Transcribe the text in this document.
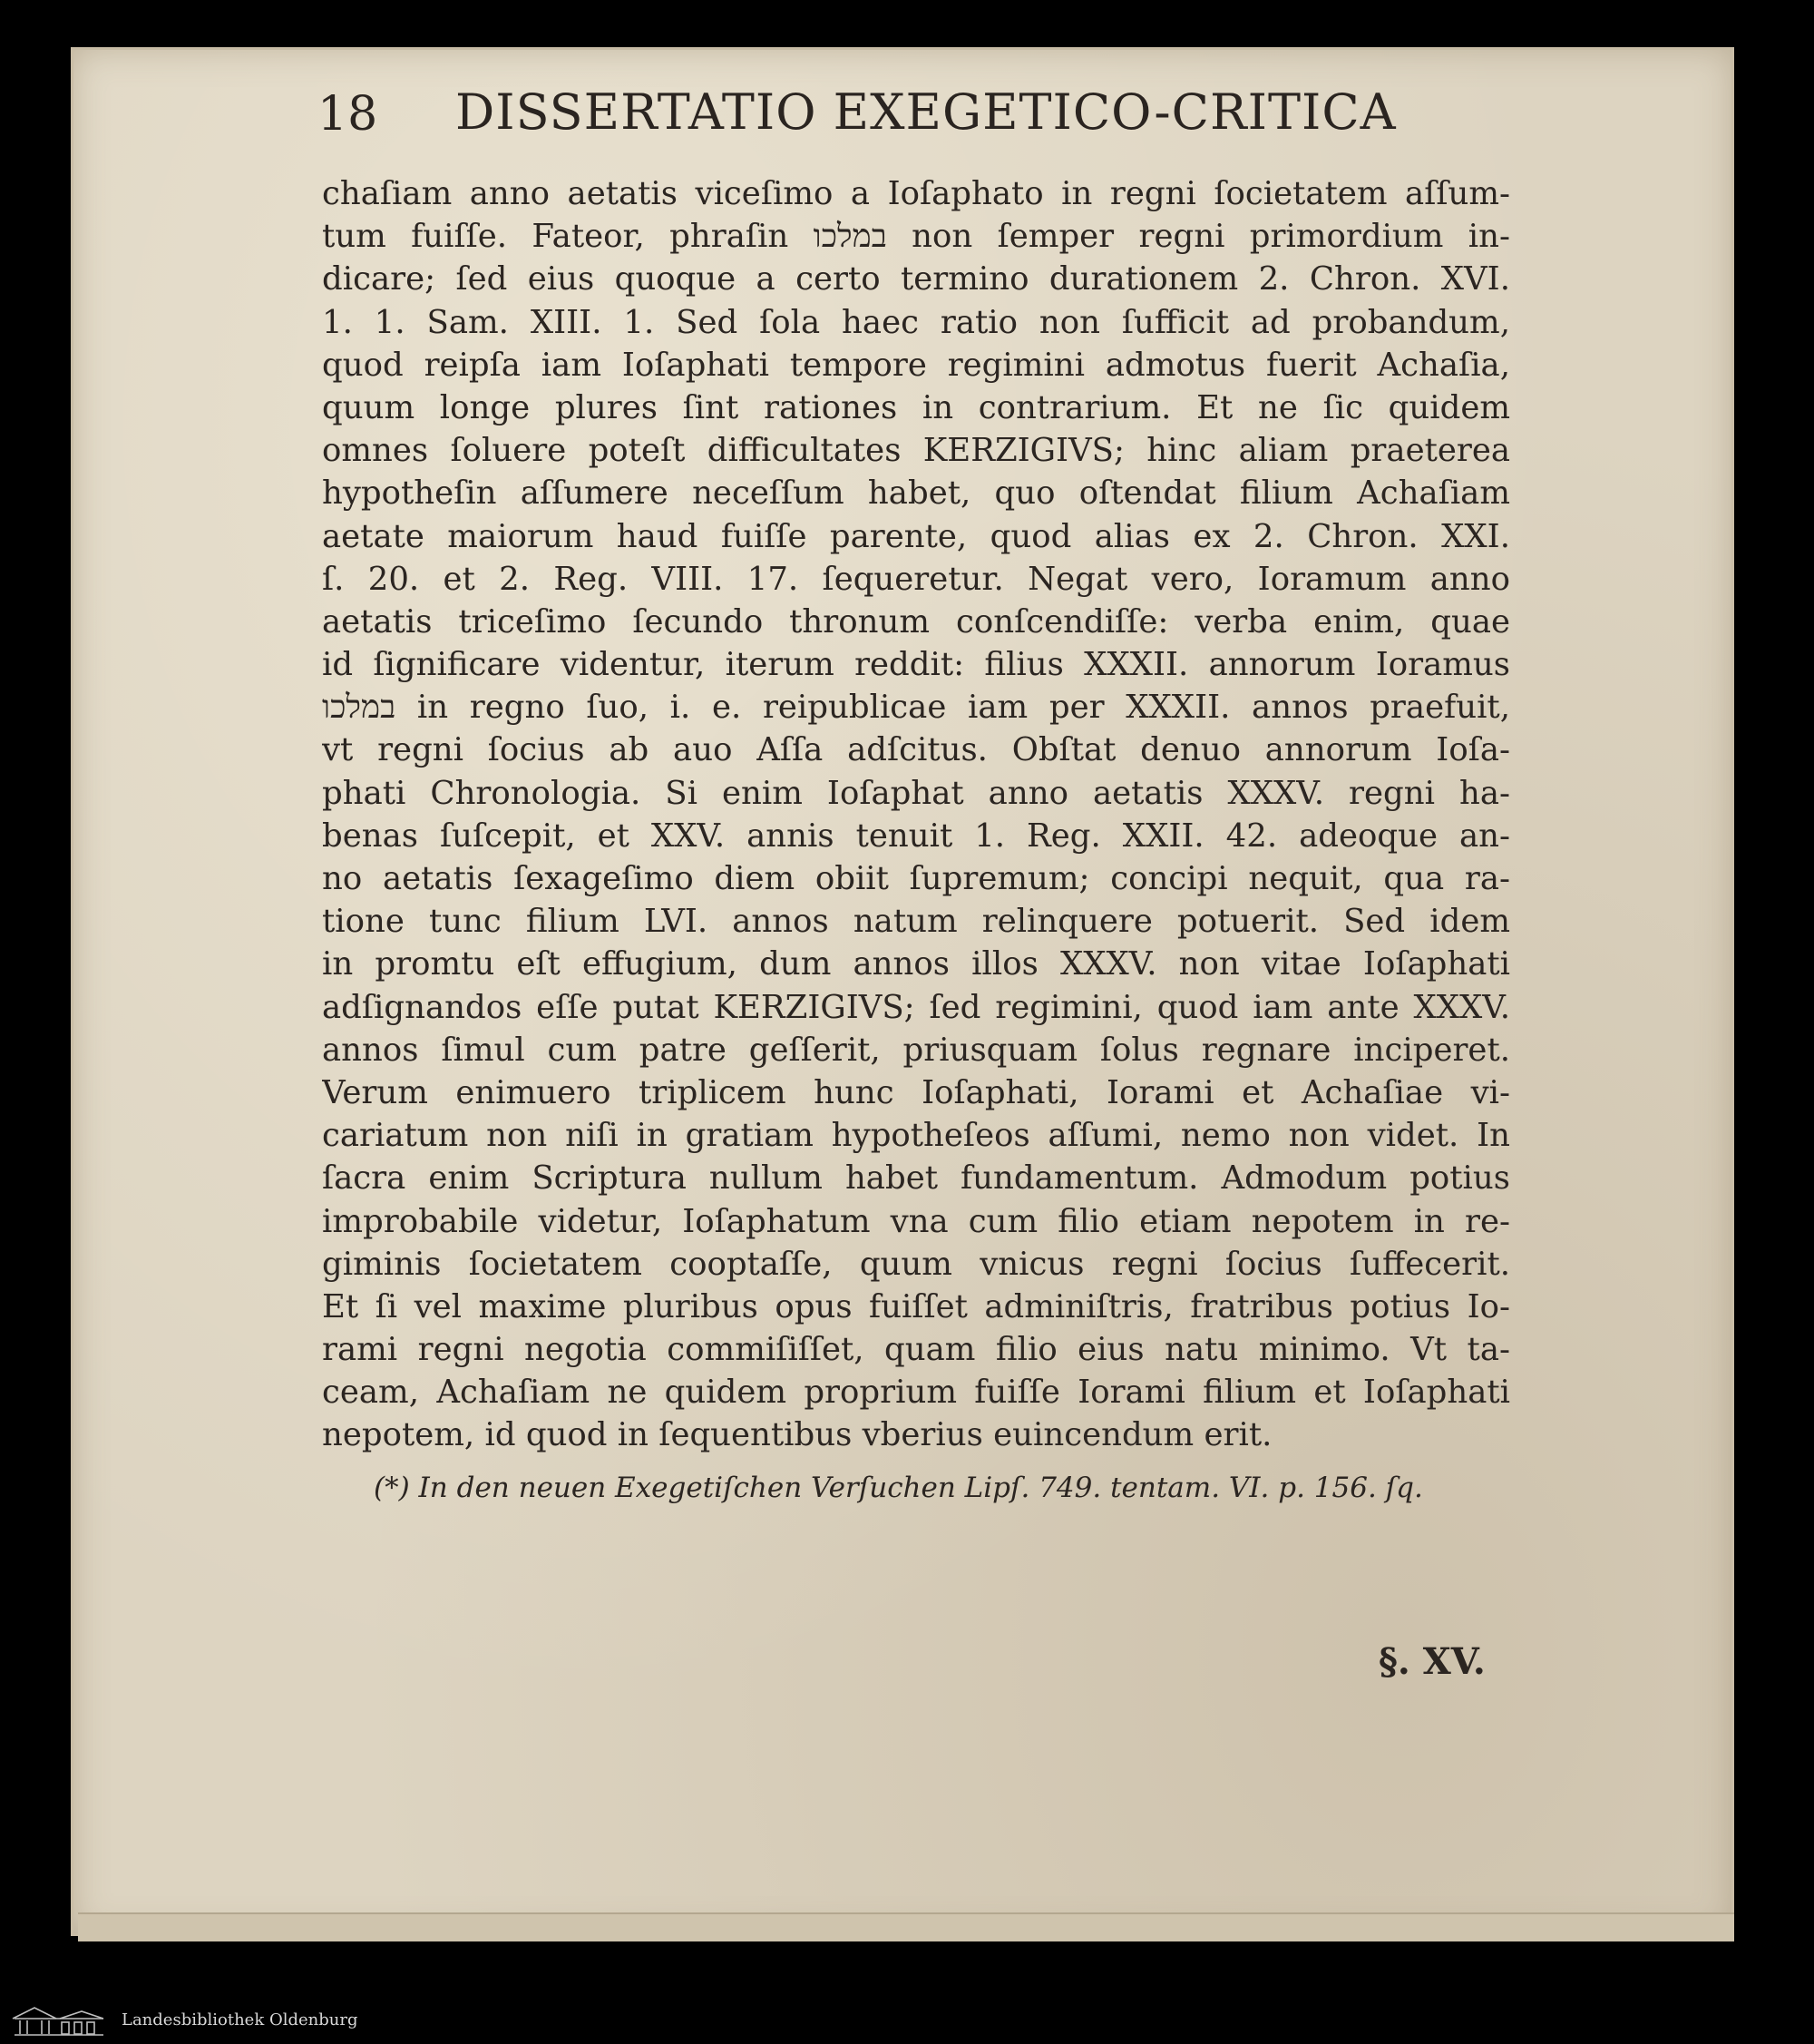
18 DISSERTATIO EXEGETICO-CRITICA
chaſiam anno aetatis viceſimo a Ioſaphato in regni ſocietatem aſſum-
tum fuiſſe. Fateor, phraſin במלכו non ſemper regni primordium in-
dicare; ſed eius quoque a certo termino durationem 2. Chron. XVI.
1. 1. Sam. XIII. 1. Sed ſola haec ratio non ſufficit ad probandum,
quod reipſa iam Ioſaphati tempore regimini admotus fuerit Achaſia,
quum longe plures ſint rationes in contrarium. Et ne ſic quidem
omnes ſoluere poteſt difficultates KERZIGIVS; hinc aliam praeterea
hypotheſin aſſumere neceſſum habet, quo oſtendat filium Achaſiam
aetate maiorum haud fuiſſe parente, quod alias ex 2. Chron. XXI.
ſ. 20. et 2. Reg. VIII. 17. ſequeretur. Negat vero, Ioramum anno
aetatis triceſimo ſecundo thronum conſcendiſſe: verba enim, quae
id ſignificare videntur, iterum reddit: filius XXXII. annorum Ioramus
במלכו in regno ſuo, i. e. reipublicae iam per XXXII. annos praefuit,
vt regni ſocius ab auo Aſſa adſcitus. Obſtat denuo annorum Ioſa-
phati Chronologia. Si enim Ioſaphat anno aetatis XXXV. regni ha-
benas ſuſcepit, et XXV. annis tenuit 1. Reg. XXII. 42. adeoque an-
no aetatis ſexageſimo diem obiit ſupremum; concipi nequit, qua ra-
tione tunc filium LVI. annos natum relinquere potuerit. Sed idem
in promtu eſt effugium, dum annos illos XXXV. non vitae Ioſaphati
adſignandos eſſe putat KERZIGIVS; ſed regimini, quod iam ante XXXV.
annos ſimul cum patre geſſerit, priusquam ſolus regnare inciperet.
Verum enimuero triplicem hunc Ioſaphati, Iorami et Achaſiae vi-
cariatum non niſi in gratiam hypotheſeos aſſumi, nemo non videt. In
ſacra enim Scriptura nullum habet fundamentum. Admodum potius
improbabile videtur, Ioſaphatum vna cum filio etiam nepotem in re-
giminis ſocietatem cooptaſſe, quum vnicus regni ſocius ſuffecerit.
Et ſi vel maxime pluribus opus fuiſſet adminiſtris, fratribus potius Io-
rami regni negotia commiſiſſet, quam filio eius natu minimo. Vt ta-
ceam, Achaſiam ne quidem proprium fuiſſe Iorami filium et Ioſaphati
nepotem, id quod in ſequentibus vberius euincendum erit.
(*) In den neuen Exegetiſchen Verſuchen Lipſ. 749. tentam. VI. p. 156. ſq.
§. XV.
Landesbibliothek Oldenburg
